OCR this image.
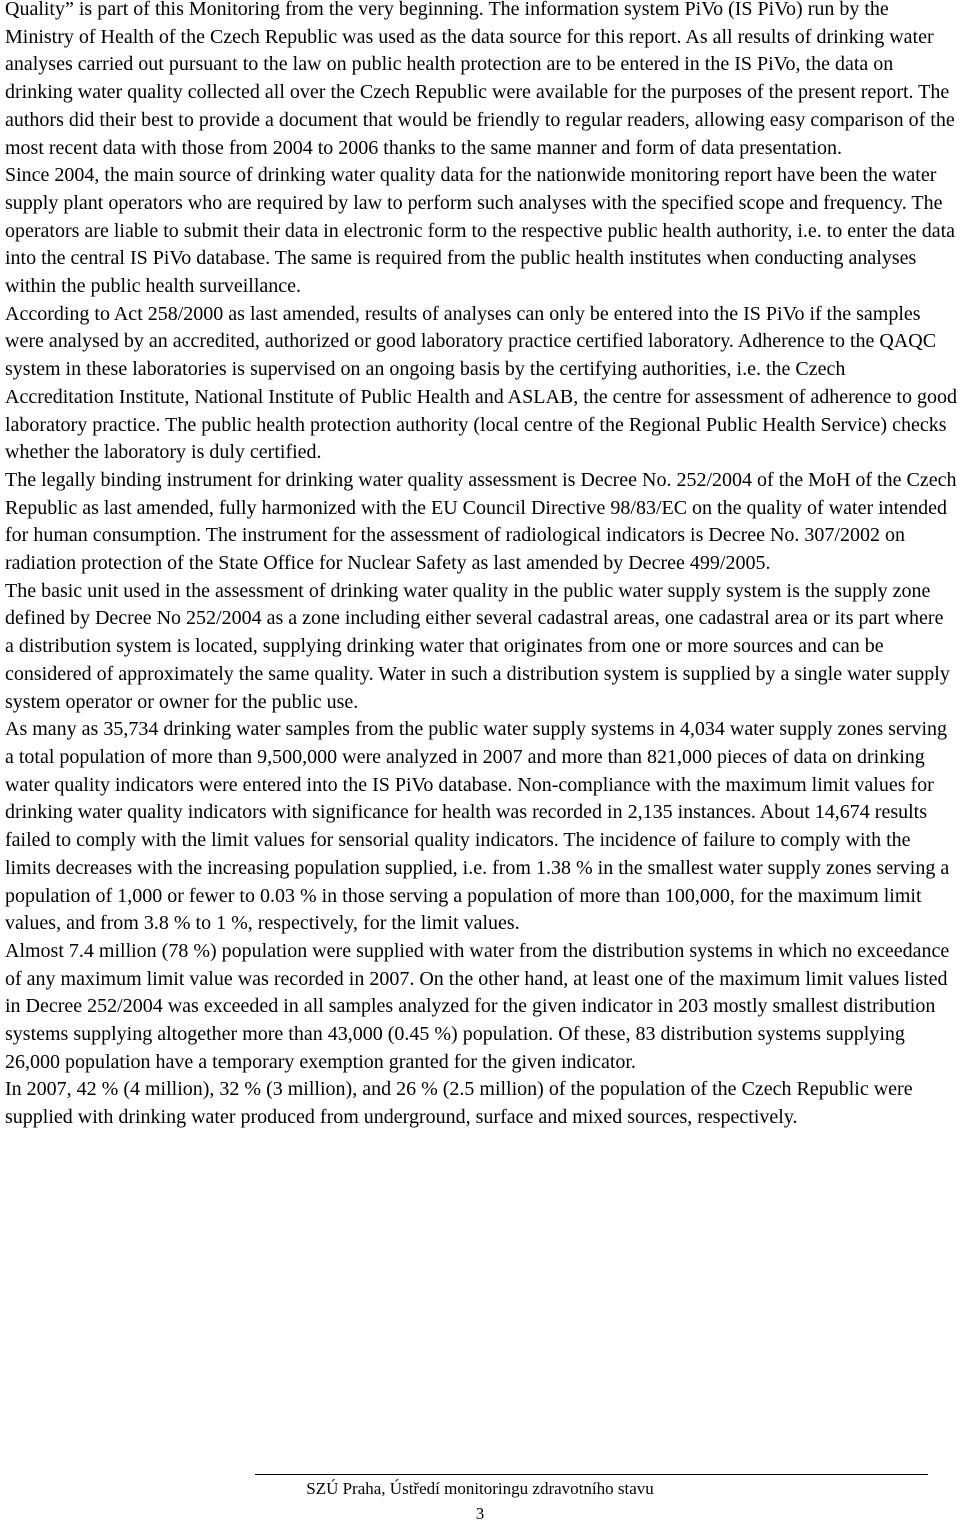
Quality” is part of this Monitoring from the very beginning. The information system PiVo (IS PiVo) run by the Ministry of Health of the Czech Republic was used as the data source for this report. As all results of drinking water analyses carried out pursuant to the law on public health protection are to be entered in the IS PiVo, the data on drinking water quality collected all over the Czech Republic were available for the purposes of the present report. The authors did their best to provide a document that would be friendly to regular readers, allowing easy comparison of the most recent data with those from 2004 to 2006 thanks to the same manner and form of data presentation.

Since 2004, the main source of drinking water quality data for the nationwide monitoring report have been the water supply plant operators who are required by law to perform such analyses with the specified scope and frequency. The operators are liable to submit their data in electronic form to the respective public health authority, i.e. to enter the data into the central IS PiVo database. The same is required from the public health institutes when conducting analyses within the public health surveillance.

According to Act 258/2000 as last amended, results of analyses can only be entered into the IS PiVo if the samples were analysed by an accredited, authorized or good laboratory practice certified laboratory. Adherence to the QAQC system in these laboratories is supervised on an ongoing basis by the certifying authorities, i.e. the Czech Accreditation Institute, National Institute of Public Health and ASLAB, the centre for assessment of adherence to good laboratory practice. The public health protection authority (local centre of the Regional Public Health Service) checks whether the laboratory is duly certified.

The legally binding instrument for drinking water quality assessment is Decree No. 252/2004 of the MoH of the Czech Republic as last amended, fully harmonized with the EU Council Directive 98/83/EC on the quality of water intended for human consumption. The instrument for the assessment of radiological indicators is Decree No. 307/2002 on radiation protection of the State Office for Nuclear Safety as last amended by Decree 499/2005.

The basic unit used in the assessment of drinking water quality in the public water supply system is the supply zone defined by Decree No 252/2004 as a zone including either several cadastral areas, one cadastral area or its part where a distribution system is located, supplying drinking water that originates from one or more sources and can be considered of approximately the same quality. Water in such a distribution system is supplied by a single water supply system operator or owner for the public use.

As many as 35,734 drinking water samples from the public water supply systems in 4,034 water supply zones serving a total population of more than 9,500,000 were analyzed in 2007 and more than 821,000 pieces of data on drinking water quality indicators were entered into the IS PiVo database. Non-compliance with the maximum limit values for drinking water quality indicators with significance for health was recorded in 2,135 instances. About 14,674 results failed to comply with the limit values for sensorial quality indicators. The incidence of failure to comply with the limits decreases with the increasing population supplied, i.e. from 1.38 % in the smallest water supply zones serving a population of 1,000 or fewer to 0.03 % in those serving a population of more than 100,000, for the maximum limit values, and from 3.8 % to 1 %, respectively, for the limit values.

Almost 7.4 million (78 %) population were supplied with water from the distribution systems in which no exceedance of any maximum limit value was recorded in 2007. On the other hand, at least one of the maximum limit values listed in Decree 252/2004 was exceeded in all samples analyzed for the given indicator in 203 mostly smallest distribution systems supplying altogether more than 43,000 (0.45 %) population. Of these, 83 distribution systems supplying 26,000 population have a temporary exemption granted for the given indicator.

In 2007, 42 % (4 million), 32 % (3 million), and 26 % (2.5 million) of the population of the Czech Republic were supplied with drinking water produced from underground, surface and mixed sources, respectively.

SZÚ Praha, Ústředí monitoringu zdravotního stavu
3
